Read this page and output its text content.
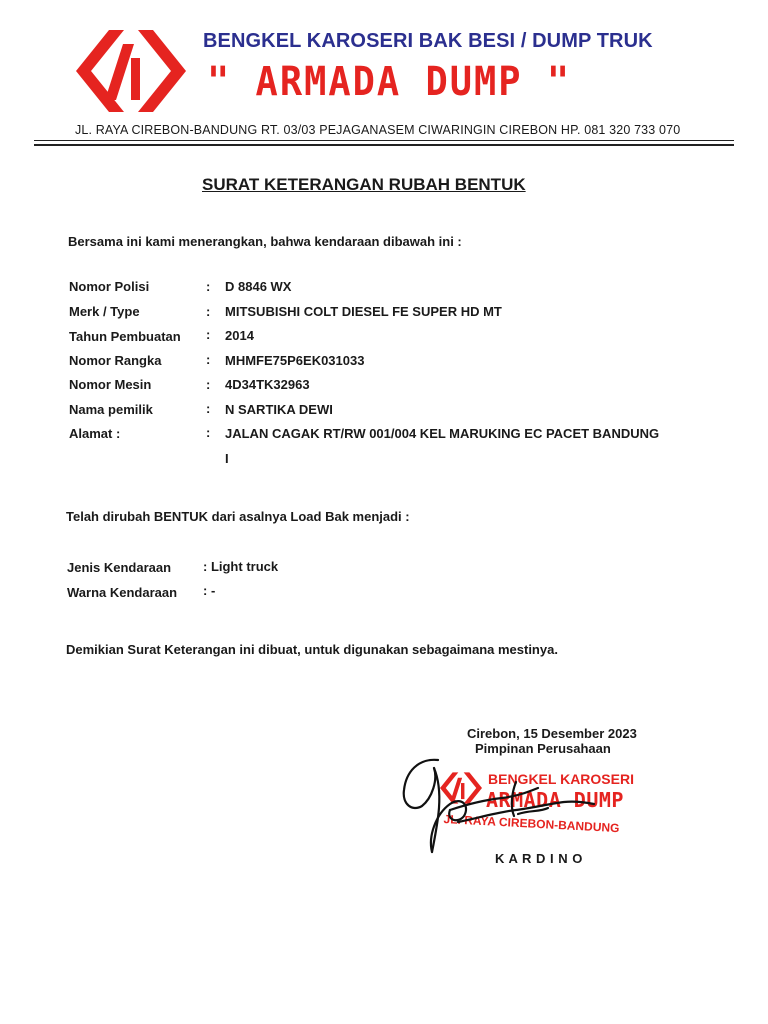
BENGKEL KAROSERI BAK BESI / DUMP TRUK
" ARMADA DUMP "
JL. RAYA CIREBON-BANDUNG RT. 03/03 PEJAGANASEM CIWARINGIN CIREBON HP. 081 320 733 070
SURAT KETERANGAN RUBAH BENTUK
Bersama ini kami menerangkan, bahwa kendaraan dibawah ini :
Nomor Polisi	: D 8846 WX
Merk / Type	: MITSUBISHI COLT DIESEL FE SUPER HD MT
Tahun Pembuatan : 2014
Nomor Rangka	: MHMFE75P6EK031033
Nomor Mesin	: 4D34TK32963
Nama pemilik	: N SARTIKA DEWI
Alamat :	: JALAN CAGAK RT/RW 001/004 KEL MARUKING EC PACET BANDUNG
I
Telah dirubah BENTUK dari asalnya Load Bak menjadi :
Jenis Kendaraan : Light truck
Warna Kendaraan : -
Demikian Surat Keterangan ini dibuat, untuk digunakan sebagaimana mestinya.
Cirebon, 15 Desember 2023
Pimpinan Perusahaan
BENGKEL KAROSERI
ARMADA DUMP
JL. RAYA CIREBON-BANDUNG
K A R D I N O
